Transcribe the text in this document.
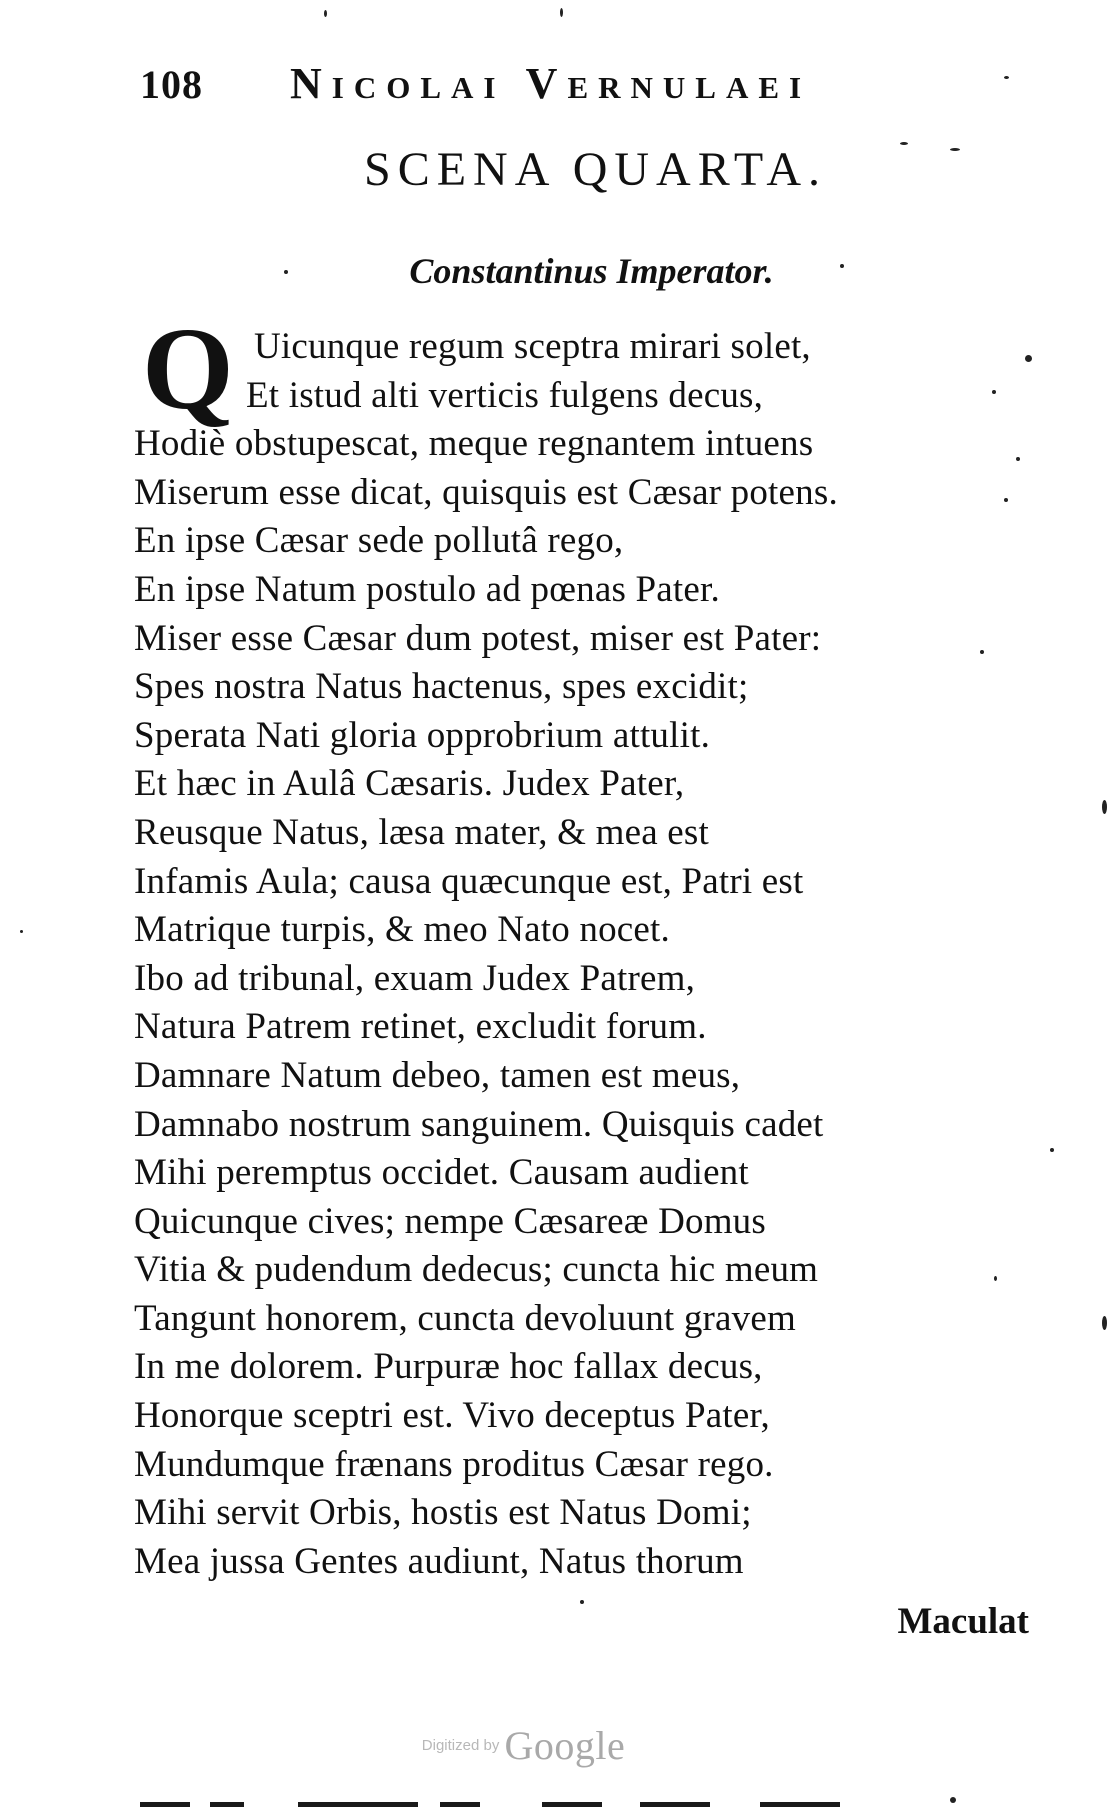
108	Nicolai Vernulaei
SCENA QUARTA.
Constantinus Imperator.
Q Uicunque regum sceptra mirari solet,
Et istud alti verticis fulgens decus,
Hodiè obstupescat, meque regnantem intuens
Miserum esse dicat, quisquis est Cæsar potens.
En ipse Cæsar sede pollutâ rego,
En ipse Natum postulo ad pœnas Pater.
Miser esse Cæsar dum potest, miser est Pater:
Spes nostra Natus hactenus, spes excidit;
Sperata Nati gloria opprobrium attulit.
Et hæc in Aulâ Cæsaris. Judex Pater,
Reusque Natus, læsa mater, & mea est
Infamis Aula; causa quæcunque est, Patri est
Matrique turpis, & meo Nato nocet.
Ibo ad tribunal, exuam Judex Patrem,
Natura Patrem retinet, excludit forum.
Damnare Natum debeo, tamen est meus,
Damnabo nostrum sanguinem. Quisquis cadet
Mihi peremptus occidet. Causam audient
Quicunque cives; nempe Cæsareæ Domus
Vitia & pudendum dedecus; cuncta hic meum
Tangunt honorem, cuncta devoluunt gravem
In me dolorem. Purpuræ hoc fallax decus,
Honorque sceptri est. Vivo deceptus Pater,
Mundumque frænans proditus Cæsar rego.
Mihi servit Orbis, hostis est Natus Domi;
Mea jussa Gentes audiunt, Natus thorum
Maculat
Digitized by Google
